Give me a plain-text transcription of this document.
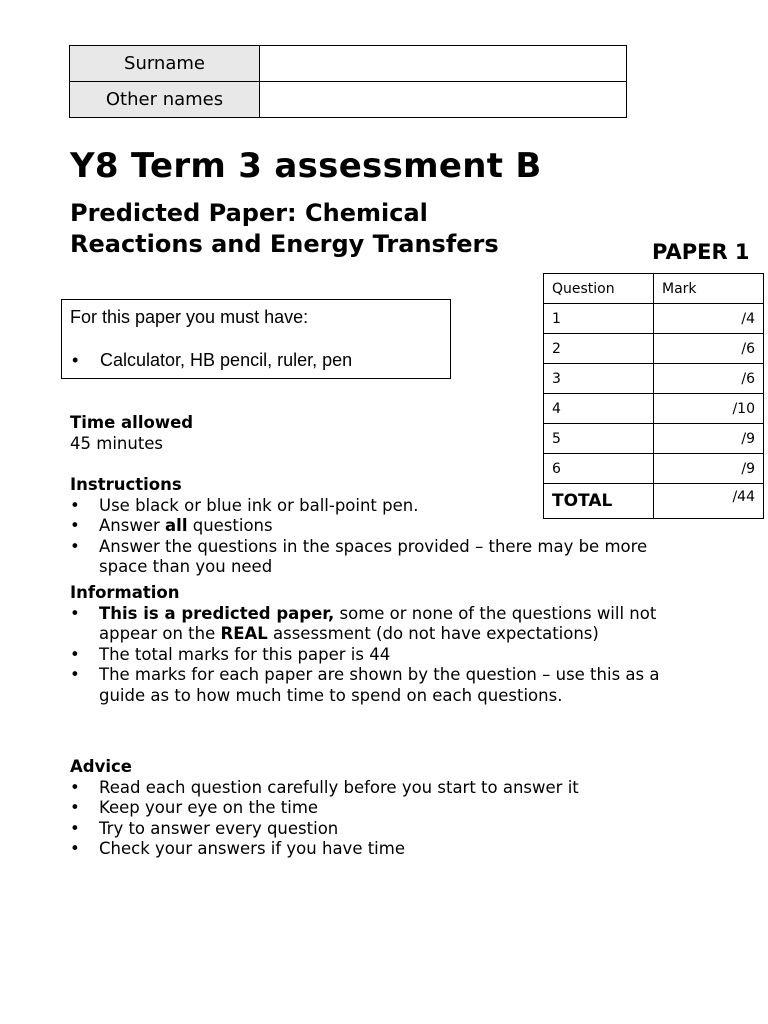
Surname	
Other names	
Y8 Term 3 assessment B
Predicted Paper: Chemical
Reactions and Energy Transfers	PAPER 1
Question	Mark
1	/4
2	/6
3	/6
4	/10
5	/9
6	/9
TOTAL	/44
For this paper you must have:
• Calculator, HB pencil, ruler, pen
Time allowed
45 minutes
Instructions
• Use black or blue ink or ball-point pen.
• Answer all questions
• Answer the questions in the spaces provided – there may be more space than you need
Information
• This is a predicted paper, some or none of the questions will not appear on the REAL assessment (do not have expectations)
• The total marks for this paper is 44
• The marks for each paper are shown by the question – use this as a guide as to how much time to spend on each questions.
Advice
• Read each question carefully before you start to answer it
• Keep your eye on the time
• Try to answer every question
• Check your answers if you have time
